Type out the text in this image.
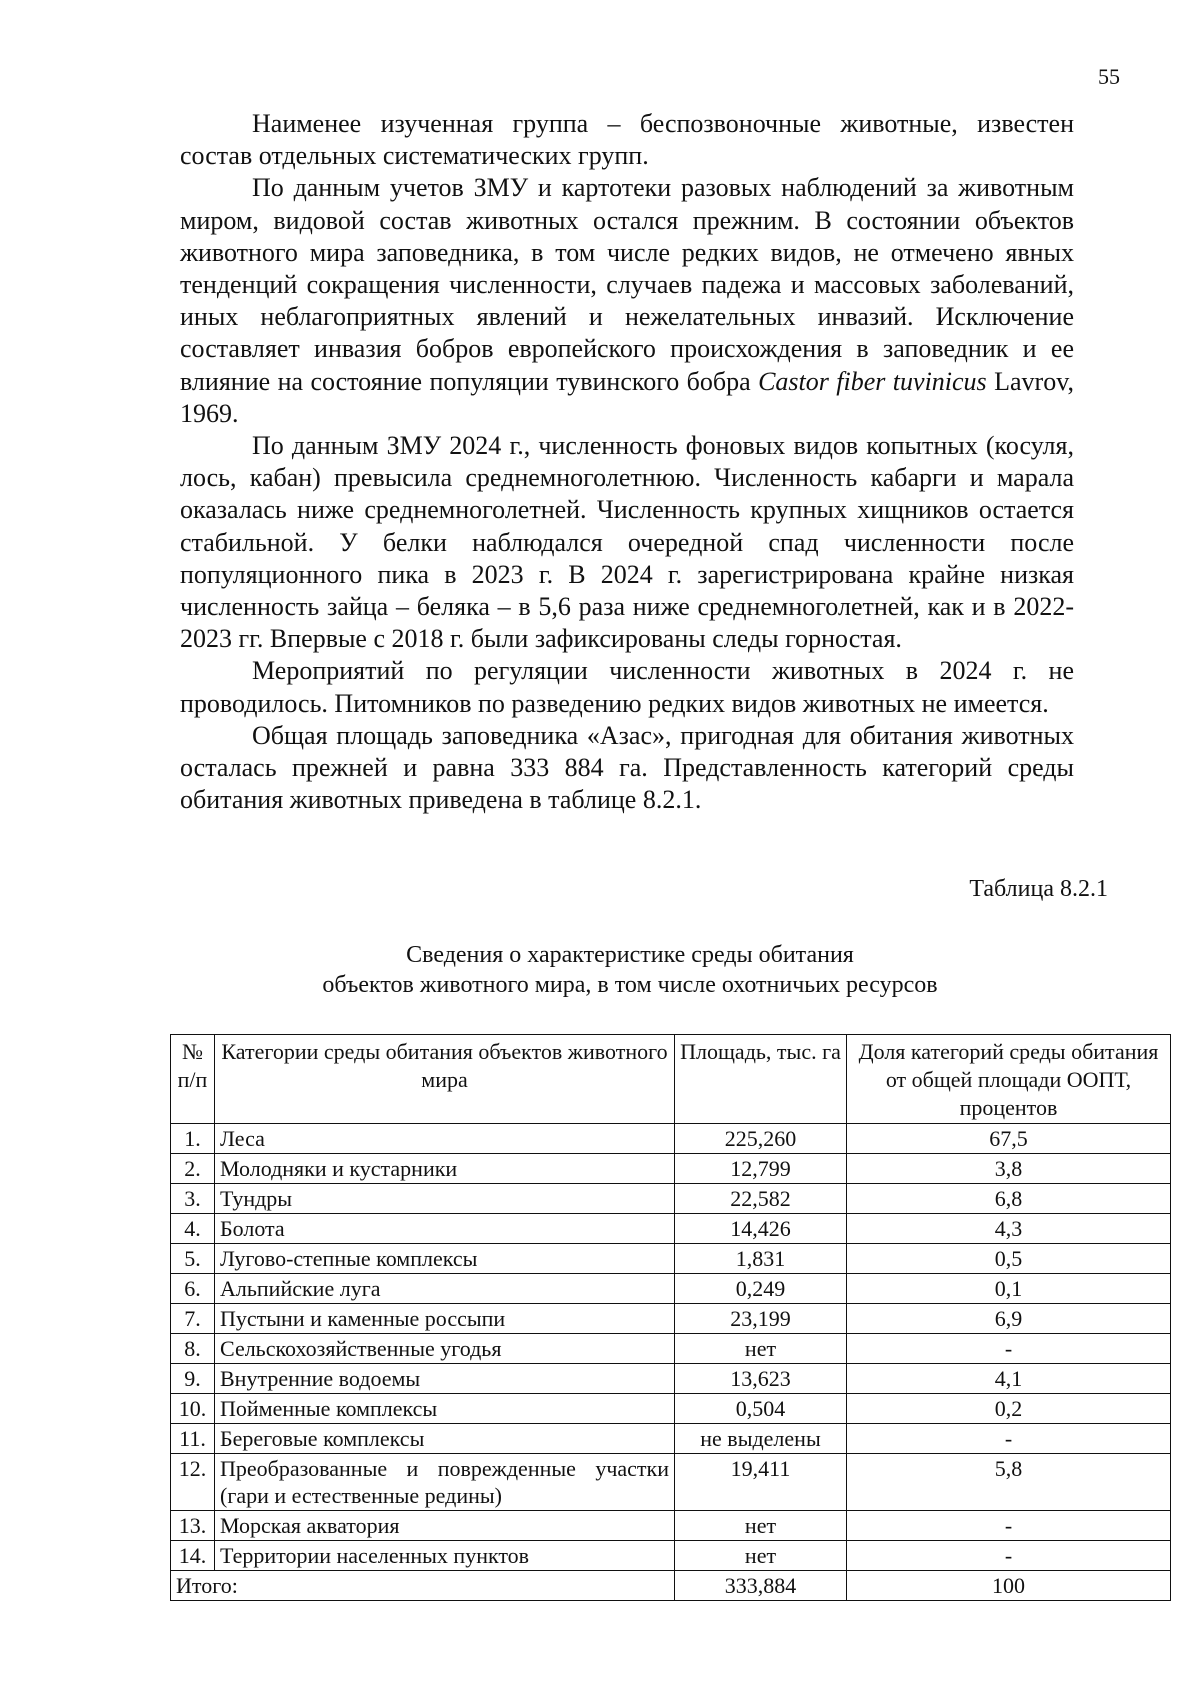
55

Наименее изученная группа – беспозвоночные животные, известен состав отдельных систематических групп.

По данным учетов ЗМУ и картотеки разовых наблюдений за животным миром, видовой состав животных остался прежним. В состоянии объектов животного мира заповедника, в том числе редких видов, не отмечено явных тенденций сокращения численности, случаев падежа и массовых заболеваний, иных неблагоприятных явлений и нежелательных инвазий. Исключение составляет инвазия бобров европейского происхождения в заповедник и ее влияние на состояние популяции тувинского бобра Castor fiber tuvinicus Lavrov, 1969.

По данным ЗМУ 2024 г., численность фоновых видов копытных (косуля, лось, кабан) превысила среднемноголетнюю. Численность кабарги и марала оказалась ниже среднемноголетней. Численность крупных хищников остается стабильной. У белки наблюдался очередной спад численности после популяционного пика в 2023 г. В 2024 г. зарегистрирована крайне низкая численность зайца – беляка – в 5,6 раза ниже среднемноголетней, как и в 2022-2023 гг. Впервые с 2018 г. были зафиксированы следы горностая.

Мероприятий по регуляции численности животных в 2024 г. не проводилось. Питомников по разведению редких видов животных не имеется.

Общая площадь заповедника «Азас», пригодная для обитания животных осталась прежней и равна 333 884 га. Представленность категорий среды обитания животных приведена в таблице 8.2.1.

Таблица 8.2.1
Сведения о характеристике среды обитания
объектов животного мира, в том числе охотничьих ресурсов
№ п/п	Категории среды обитания объектов животного мира	Площадь, тыс. га	Доля категорий среды обитания от общей площади ООПТ, процентов
1.	Леса	225,260	67,5
2.	Молодняки и кустарники	12,799	3,8
3.	Тундры	22,582	6,8
4.	Болота	14,426	4,3
5.	Лугово-степные комплексы	1,831	0,5
6.	Альпийские луга	0,249	0,1
7.	Пустыни и каменные россыпи	23,199	6,9
8.	Сельскохозяйственные угодья	нет	-
9.	Внутренние водоемы	13,623	4,1
10.	Пойменные комплексы	0,504	0,2
11.	Береговые комплексы	не выделены	-
12.	Преобразованные и поврежденные участки (гари и естественные редины)	19,411	5,8
13.	Морская акватория	нет	-
14.	Территории населенных пунктов	нет	-
Итого:		333,884	100
